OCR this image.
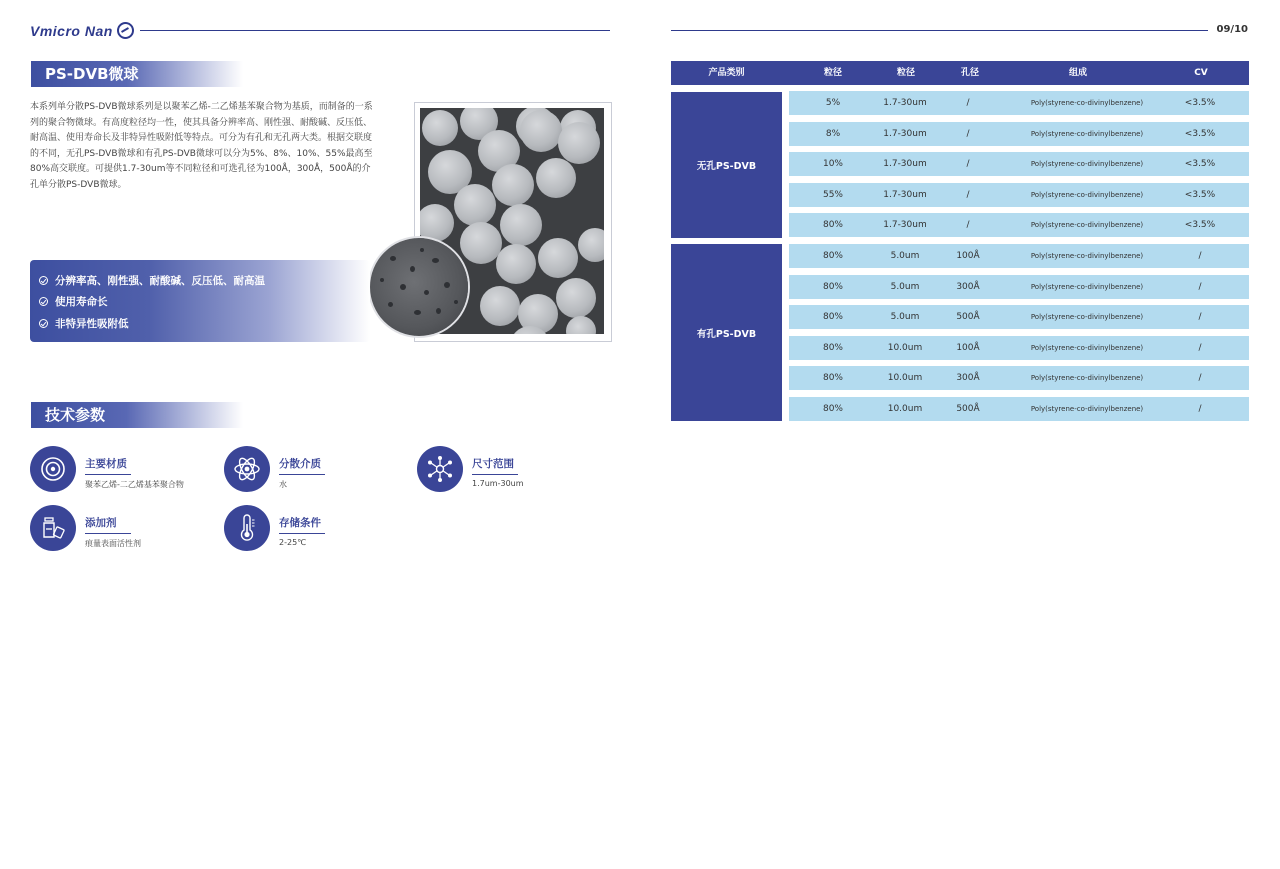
Vmicro Nan	09/10
PS-DVB微球
本系列单分散PS-DVB微球系列是以聚苯乙烯-二乙烯基苯聚合物为基质，而制备的一系列的聚合物微球。有高度粒径均一性，使其具备分辨率高、刚性强、耐酸碱、反压低、耐高温、使用寿命长及非特异性吸附低等特点。可分为有孔和无孔两大类。根据交联度的不同，无孔PS-DVB微球和有孔PS-DVB微球可以分为5%、8%、10%、55%最高至80%高交联度。可提供1.7-30um等不同粒径和可选孔径为100Å，300Å，500Å的介孔单分散PS-DVB微球。
分辨率高、刚性强、耐酸碱、反压低、耐高温
使用寿命长
非特异性吸附低
技术参数
主要材质
聚苯乙烯-二乙烯基苯聚合物
分散介质
水
尺寸范围
1.7um-30um
添加剂
痕量表面活性剂
存储条件
2-25℃
产品类别	粒径	粒径	孔径	组成	CV
无孔PS-DVB
有孔PS-DVB
5%	1.7-30um	/	Poly(styrene-co-divinylbenzene)	<3.5%
8%	1.7-30um	/	Poly(styrene-co-divinylbenzene)	<3.5%
10%	1.7-30um	/	Poly(styrene-co-divinylbenzene)	<3.5%
55%	1.7-30um	/	Poly(styrene-co-divinylbenzene)	<3.5%
80%	1.7-30um	/	Poly(styrene-co-divinylbenzene)	<3.5%
80%	5.0um	100Å	Poly(styrene-co-divinylbenzene)	/
80%	5.0um	300Å	Poly(styrene-co-divinylbenzene)	/
80%	5.0um	500Å	Poly(styrene-co-divinylbenzene)	/
80%	10.0um	100Å	Poly(styrene-co-divinylbenzene)	/
80%	10.0um	300Å	Poly(styrene-co-divinylbenzene)	/
80%	10.0um	500Å	Poly(styrene-co-divinylbenzene)	/
